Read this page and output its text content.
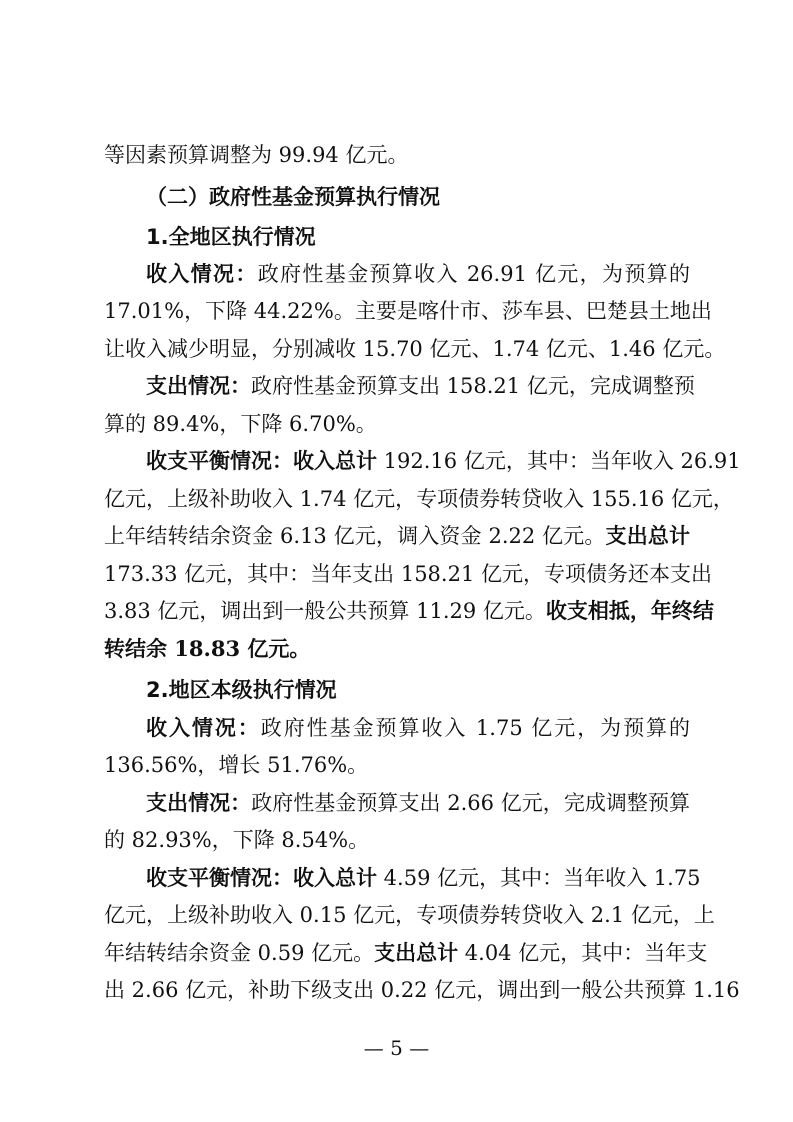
等因素预算调整为 99.94 亿元。
（二）政府性基金预算执行情况
1.全地区执行情况
收入情况：政府性基金预算收入 26.91 亿元，为预算的
17.01%，下降 44.22%。主要是喀什市、莎车县、巴楚县土地出
让收入减少明显，分别减收 15.70 亿元、1.74 亿元、1.46 亿元。
支出情况：政府性基金预算支出 158.21 亿元，完成调整预
算的 89.4%，下降 6.70%。
收支平衡情况：收入总计 192.16 亿元，其中：当年收入 26.91
亿元，上级补助收入 1.74 亿元，专项债券转贷收入 155.16 亿元，
上年结转结余资金 6.13 亿元，调入资金 2.22 亿元。支出总计
173.33 亿元，其中：当年支出 158.21 亿元，专项债务还本支出
3.83 亿元，调出到一般公共预算 11.29 亿元。收支相抵，年终结
转结余 18.83 亿元。
2.地区本级执行情况
收入情况：政府性基金预算收入 1.75 亿元，为预算的
136.56%，增长 51.76%。
支出情况：政府性基金预算支出 2.66 亿元，完成调整预算
的 82.93%，下降 8.54%。
收支平衡情况：收入总计 4.59 亿元，其中：当年收入 1.75
亿元，上级补助收入 0.15 亿元，专项债券转贷收入 2.1 亿元，上
年结转结余资金 0.59 亿元。支出总计 4.04 亿元，其中：当年支
出 2.66 亿元，补助下级支出 0.22 亿元，调出到一般公共预算 1.16
— 5 —
